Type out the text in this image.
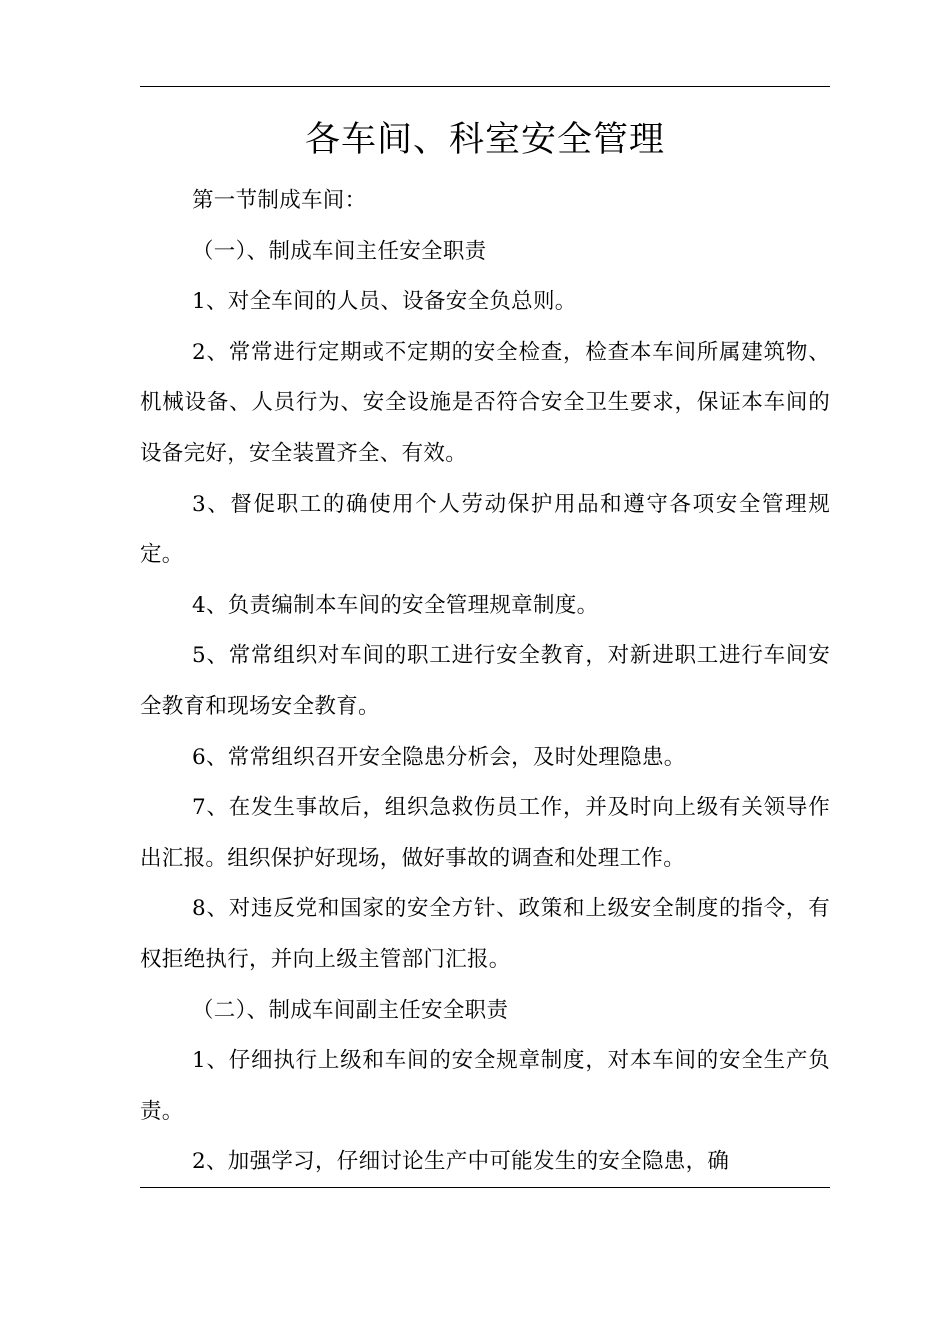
各车间、科室安全管理

第一节制成车间：

（一）、制成车间主任安全职责

1、对全车间的人员、设备安全负总则。

2、常常进行定期或不定期的安全检查，检查本车间所属建筑物、机械设备、人员行为、安全设施是否符合安全卫生要求，保证本车间的设备完好，安全装置齐全、有效。

3、督促职工的确使用个人劳动保护用品和遵守各项安全管理规定。

4、负责编制本车间的安全管理规章制度。

5、常常组织对车间的职工进行安全教育，对新进职工进行车间安全教育和现场安全教育。

6、常常组织召开安全隐患分析会，及时处理隐患。

7、在发生事故后，组织急救伤员工作，并及时向上级有关领导作出汇报。组织保护好现场，做好事故的调查和处理工作。

8、对违反党和国家的安全方针、政策和上级安全制度的指令，有权拒绝执行，并向上级主管部门汇报。

（二）、制成车间副主任安全职责

1、仔细执行上级和车间的安全规章制度，对本车间的安全生产负责。

2、加强学习，仔细讨论生产中可能发生的安全隐患，确
